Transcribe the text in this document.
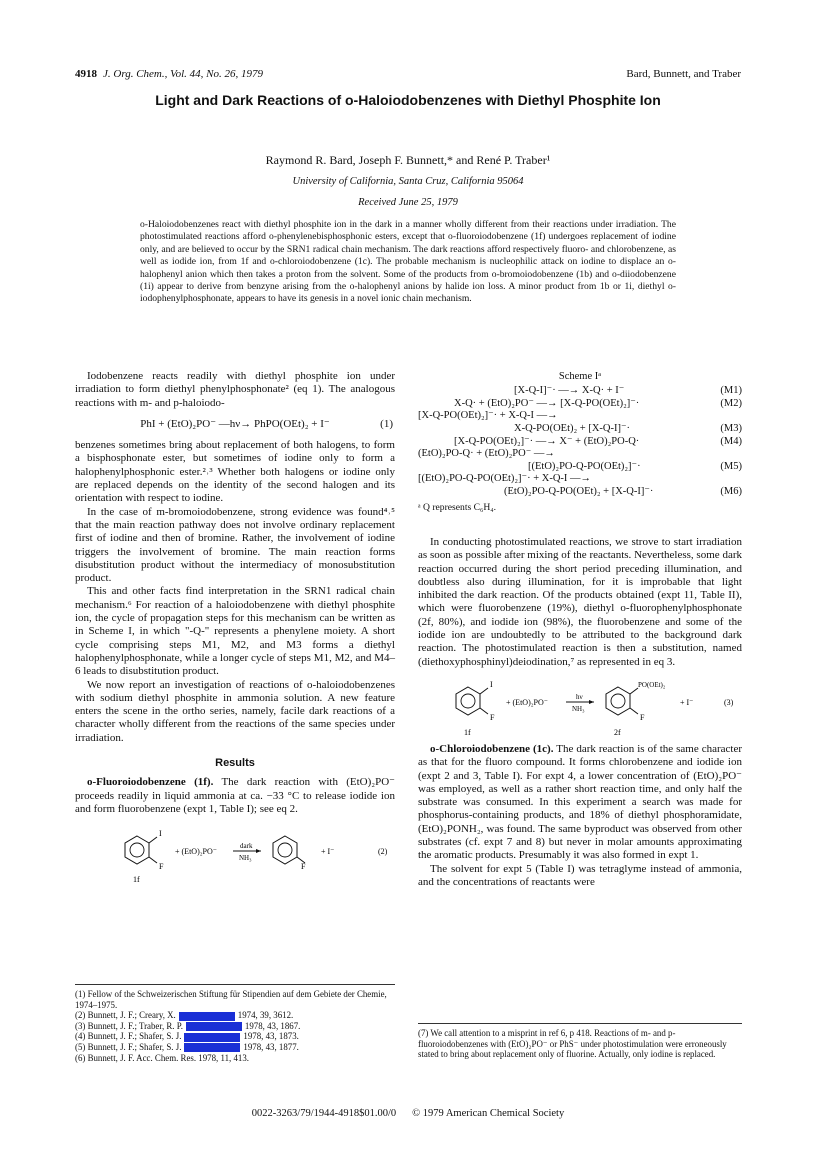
4918 J. Org. Chem., Vol. 44, No. 26, 1979	Bard, Bunnett, and Traber
Light and Dark Reactions of o-Haloiodobenzenes with Diethyl Phosphite Ion
Raymond R. Bard, Joseph F. Bunnett,* and René P. Traber¹
University of California, Santa Cruz, California 95064
Received June 25, 1979

o-Haloiodobenzenes react with diethyl phosphite ion in the dark in a manner wholly different from their reactions under irradiation. The photostimulated reactions afford o-phenylenebisphosphonic esters, except that o-fluoroiodobenzene (1f) undergoes replacement of iodine only, and are believed to occur by the SRN1 radical chain mechanism. The dark reactions afford respectively fluoro- and chlorobenzene, as well as iodide ion, from 1f and o-chloroiodobenzene (1c). The probable mechanism is nucleophilic attack on iodine to displace an o-halophenyl anion which then takes a proton from the solvent. Some of the products from o-bromoiodobenzene (1b) and o-diiodobenzene (1i) appear to derive from benzyne arising from the o-halophenyl anions by halide ion loss. A minor product from 1b or 1i, diethyl o-iodophenylphosphonate, appears to have its genesis in a novel ionic chain mechanism.

Iodobenzene reacts readily with diethyl phosphite ion under irradiation to form diethyl phenylphosphonate² (eq 1). The analogous reactions with m- and p-haloiodo-

PhI + (EtO)₂PO⁻ —hν→ PhPO(OEt)₂ + I⁻	(1)

benzenes sometimes bring about replacement of both halogens, to form a bisphosphonate ester, but sometimes of iodine only to form a halophenylphosphonic ester.²˒³ Whether both halogens or iodine only are replaced depends on the identity of the second halogen and its orientation with respect to iodine.

In the case of m-bromoiodobenzene, strong evidence was found⁴˒⁵ that the main reaction pathway does not involve ordinary replacement first of iodine and then of bromine. Rather, the involvement of iodine triggers the involvement of bromine. The main reaction forms disubstitution product without the intermediacy of monosubstitution product.

This and other facts find interpretation in the SRN1 radical chain mechanism.⁶ For reaction of a haloiodobenzene with diethyl phosphite ion, the cycle of propagation steps for this mechanism can be written as in Scheme I, in which "-Q-" represents a phenylene moiety. A short cycle comprising steps M1, M2, and M3 forms a diethyl halophenylphosphonate, while a longer cycle of steps M1, M2, and M4–6 leads to disubstitution product.

We now report an investigation of reactions of o-haloiodobenzenes with sodium diethyl phosphite in ammonia solution. A new feature enters the scene in the ortho series, namely, facile dark reactions of a character wholly different from the reactions of the same species under irradiation.

Results

o-Fluoroiodobenzene (1f). The dark reaction with (EtO)₂PO⁻ proceeds readily in liquid ammonia at ca. −33 °C to release iodide ion and form fluorobenzene (expt 1, Table I); see eq 2.

I
F
+ (EtO)₂PO⁻
dark
NH₃
F
+ I⁻	(2)
1f
Scheme Iᵃ
[X-Q-I]⁻· —→ X-Q· + I⁻	(M1)
X-Q· + (EtO)₂PO⁻ —→ [X-Q-PO(OEt)₂]⁻·	(M2)
[X-Q-PO(OEt)₂]⁻· + X-Q-I —→
X-Q-PO(OEt)₂ + [X-Q-I]⁻·	(M3)
[X-Q-PO(OEt)₂]⁻· —→ X⁻ + (EtO)₂PO-Q·	(M4)
(EtO)₂PO-Q· + (EtO)₂PO⁻ —→
[(EtO)₂PO-Q-PO(OEt)₂]⁻·	(M5)
[(EtO)₂PO-Q-PO(OEt)₂]⁻· + X-Q-I —→
(EtO)₂PO-Q-PO(OEt)₂ + [X-Q-I]⁻·	(M6)
ᵃ Q represents C₆H₄.

In conducting photostimulated reactions, we strove to start irradiation as soon as possible after mixing of the reactants. Nevertheless, some dark reaction occurred during the short period preceding illumination, and doubtless also during illumination, for it is improbable that light inhibited the dark reaction. Of the products obtained (expt 11, Table II), which were fluorobenzene (19%), diethyl o-fluorophenylphosphonate (2f, 80%), and iodide ion (98%), the fluorobenzene and some of the iodide ion are undoubtedly to be attributed to the background dark reaction. The photostimulated reaction is then a substitution, named (diethoxyphosphinyl)deiodination,⁷ as represented in eq 3.

I
F
+ (EtO)₂PO⁻
hν
NH₃
PO(OEt)₂
F
+ I⁻	(3)
1f	2f

o-Chloroiodobenzene (1c). The dark reaction is of the same character as that for the fluoro compound. It forms chlorobenzene and iodide ion (expt 2 and 3, Table I). For expt 4, a lower concentration of (EtO)₂PO⁻ was employed, as well as a rather short reaction time, and only half the substrate was consumed. In this experiment a search was made for phosphorus-containing products, and 18% of diethyl phosphoramidate, (EtO)₂PONH₂, was found. The same byproduct was observed from other substrates (cf. expt 7 and 8) but never in molar amounts approximating the aromatic products. Presumably it was also formed in expt 1.

The solvent for expt 5 (Table I) was tetraglyme instead of ammonia, and the concentrations of reactants were

(1) Fellow of the Schweizerischen Stiftung für Stipendien auf dem Gebiete der Chemie, 1974–1975.

(2) Bunnett, J. F.; Creary, X.	1974, 39, 3612.

(3) Bunnett, J. F.; Traber, R. P.	1978, 43, 1867.

(4) Bunnett, J. F.; Shafer, S. J.	1978, 43, 1873.

(5) Bunnett, J. F.; Shafer, S. J.	1978, 43, 1877.

(6) Bunnett, J. F. Acc. Chem. Res. 1978, 11, 413.

(7) We call attention to a misprint in ref 6, p 418. Reactions of m- and p-fluoroiodobenzenes with (EtO)₂PO⁻ or PhS⁻ under photostimulation were erroneously stated to bring about replacement only of fluorine. Actually, only iodine is replaced.

0022-3263/79/1944-4918$01.00/0 © 1979 American Chemical Society
